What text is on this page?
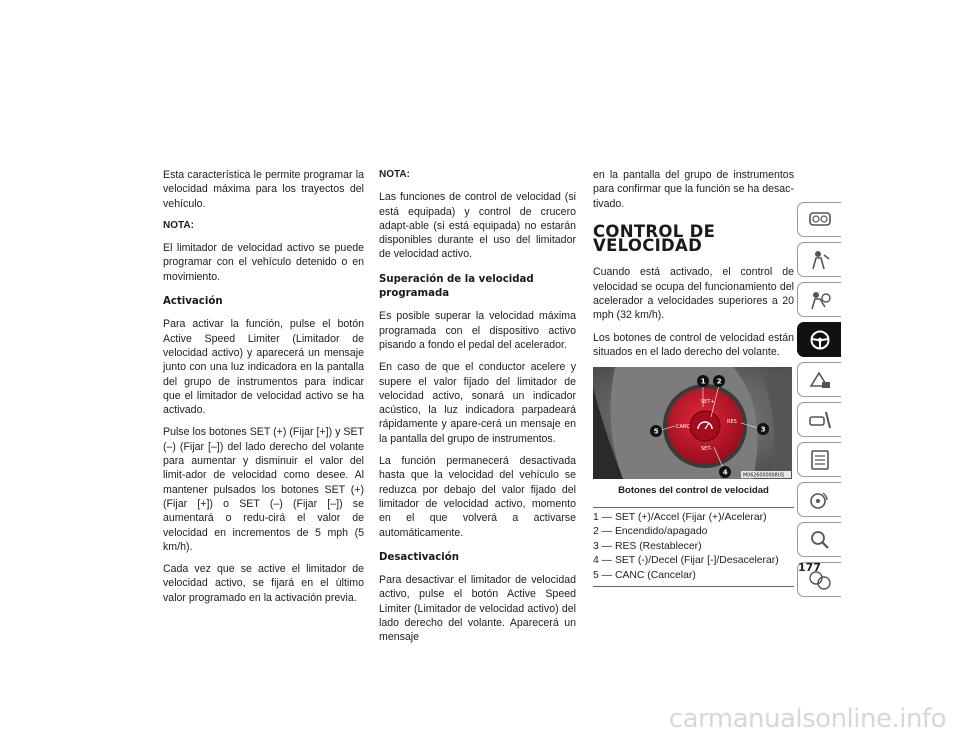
Esta característica le permite programar la velocidad máxima para los trayectos del vehículo.

NOTA:

El limitador de velocidad activo se puede programar con el vehículo detenido o en movimiento.

Activación

Para activar la función, pulse el botón Active Speed Limiter (Limitador de velocidad activo) y aparecerá un mensaje junto con una luz indicadora en la pantalla del grupo de instrumentos para indicar que el limitador de velocidad activo se ha activado.

Pulse los botones SET (+) (Fijar [+]) y SET (–) (Fijar [–]) del lado derecho del volante para aumentar y disminuir el valor del limit-ador de velocidad como desee. Al mantener pulsados los botones SET (+) (Fijar [+]) o SET (–) (Fijar [–]) se aumentará o redu-cirá el valor de velocidad en incrementos de 5 mph (5 km/h).

Cada vez que se active el limitador de velocidad activo, se fijará en el último valor programado en la activación previa.

NOTA:

Las funciones de control de velocidad (si está equipada) y control de crucero adapt-able (si está equipada) no estarán disponibles durante el uso del limitador de velocidad activo.

Superación de la velocidad programada

Es posible superar la velocidad máxima programada con el dispositivo activo pisando a fondo el pedal del acelerador.

En caso de que el conductor acelere y supere el valor fijado del limitador de velocidad activo, sonará un indicador acústico, la luz indicadora parpadeará rápidamente y apare-cerá un mensaje en la pantalla del grupo de instrumentos.

La función permanecerá desactivada hasta que la velocidad del vehículo se reduzca por debajo del valor fijado del limitador de velocidad activo, momento en el que volverá a activarse automáticamente.

Desactivación

Para desactivar el limitador de velocidad activo, pulse el botón Active Speed Limiter (Limitador de velocidad activo) del lado derecho del volante. Aparecerá un mensaje

en la pantalla del grupo de instrumentos para confirmar que la función se ha desac-tivado.

CONTROL DE VELOCIDAD

Cuando está activado, el control de velocidad se ocupa del funcionamiento del acelerador a velocidades superiores a 20 mph (32 km/h).

Los botones de control de velocidad están situados en el lado derecho del volante.

SET+
CANC
RES
SET-
1 2
3
4
5
M0626000008US
Botones del control de velocidad
1 — SET (+)/Accel (Fijar (+)/Acelerar)
2 — Encendido/apagado
3 — RES (Restablecer)
4 — SET (-)/Decel (Fijar [-]/Desacelerar)
5 — CANC (Cancelar)
177
carmanualsonline.info
